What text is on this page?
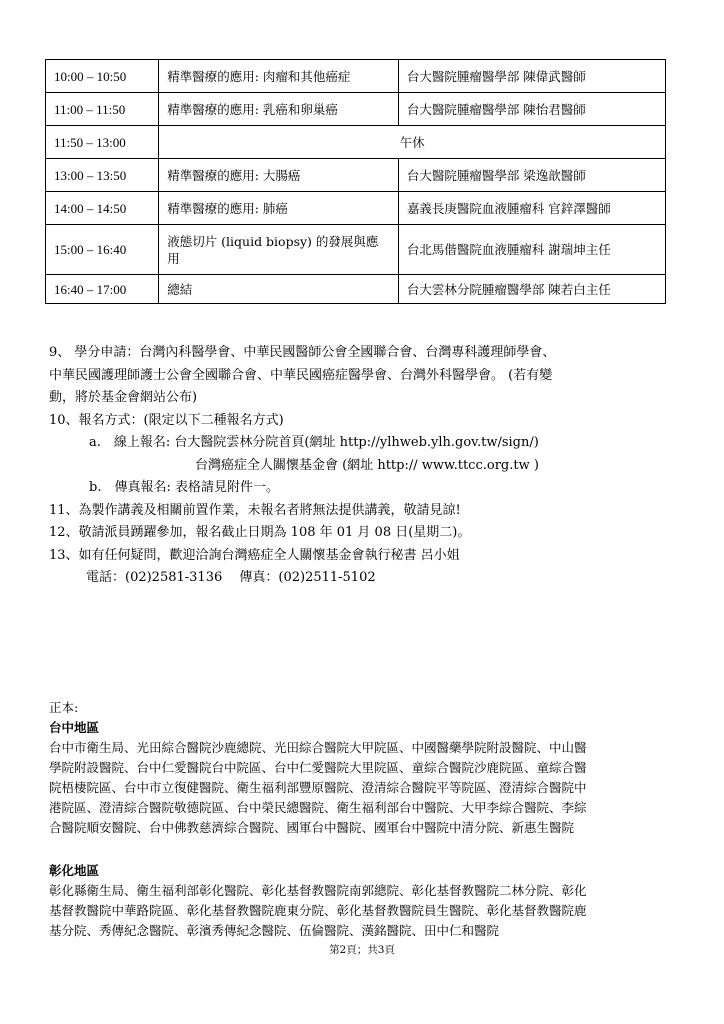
10:00 – 10:50	精準醫療的應用: 肉瘤和其他癌症	台大醫院腫瘤醫學部 陳偉武醫師
11:00 – 11:50	精準醫療的應用: 乳癌和卵巢癌	台大醫院腫瘤醫學部 陳怡君醫師
11:50 – 13:00	午休	
13:00 – 13:50	精準醫療的應用: 大腸癌	台大醫院腫瘤醫學部 梁逸歆醫師
14:00 – 14:50	精準醫療的應用: 肺癌	嘉義長庚醫院血液腫瘤科 官鋅澤醫師
15:00 – 16:40	液態切片 (liquid biopsy) 的發展與應用	台北馬偕醫院血液腫瘤科 謝瑞坤主任
16:40 – 17:00	總結	台大雲林分院腫瘤醫學部 陳若白主任

9、 學分申請：台灣內科醫學會、中華民國醫師公會全國聯合會、台灣專科護理師學會、

中華民國護理師護士公會全國聯合會、中華民國癌症醫學會、台灣外科醫學會。 (若有變

動，將於基金會網站公布)

10、報名方式：(限定以下二種報名方式)

a.　線上報名: 台大醫院雲林分院首頁(網址 http://ylhweb.ylh.gov.tw/sign/)

台灣癌症全人關懷基金會 (網址 http:// www.ttcc.org.tw )

b.　傳真報名: 表格請見附件一。

11、為製作講義及相關前置作業，未報名者將無法提供講義，敬請見諒!

12、敬請派員踴躍參加，報名截止日期為 108 年 01 月 08 日(星期二)。

13、如有任何疑問，歡迎洽詢台灣癌症全人關懷基金會執行秘書 呂小姐

電話：(02)2581-3136　 傳真：(02)2511-5102

正本:

台中地區

台中市衛生局、光田綜合醫院沙鹿總院、光田綜合醫院大甲院區、中國醫藥學院附設醫院、中山醫

學院附設醫院、台中仁愛醫院台中院區、台中仁愛醫院大里院區、童綜合醫院沙鹿院區、童綜合醫

院梧棲院區、台中市立復健醫院、衛生福利部豐原醫院、澄清綜合醫院平等院區、澄清綜合醫院中

港院區、澄清綜合醫院敬德院區、台中榮民總醫院、衛生福利部台中醫院、大甲李綜合醫院、李綜

合醫院順安醫院、台中佛教慈濟綜合醫院、國軍台中醫院、國軍台中醫院中清分院、新惠生醫院

彰化地區

彰化縣衛生局、衛生福利部彰化醫院、彰化基督教醫院南郭總院、彰化基督教醫院二林分院、彰化

基督教醫院中華路院區、彰化基督教醫院鹿東分院、彰化基督教醫院員生醫院、彰化基督教醫院鹿

基分院、秀傳紀念醫院、彰濱秀傳紀念醫院、伍倫醫院、漢銘醫院、田中仁和醫院

第2頁；共3頁
